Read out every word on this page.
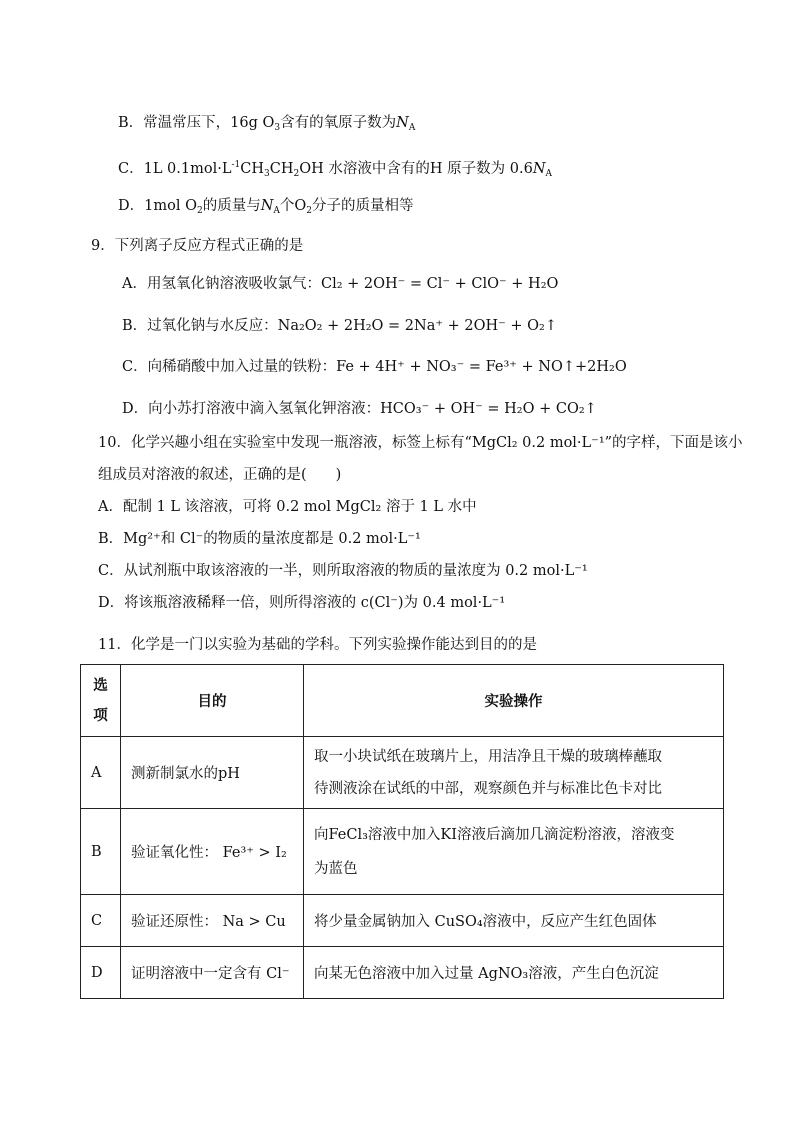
B．常温常压下，16g $O_3$含有的氧原子数为$N_A$
C．1L $0.1mol\cdot L^{-1}CH_3CH_2OH$ 水溶液中含有的H 原子数为 $0.6N_A$
D．1mol $O_2$的质量与$N_A$个$O_2$分子的质量相等
9．下列离子反应方程式正确的是
A．用氢氧化钠溶液吸收氯气：Cl₂ + 2OH⁻ = Cl⁻ + ClO⁻ + H₂O
B．过氧化钠与水反应：Na₂O₂ + 2H₂O = 2Na⁺ + 2OH⁻ + O₂↑
C．向稀硝酸中加入过量的铁粉：Fe + 4H⁺ + NO₃⁻ = Fe³⁺ + NO↑+2H₂O
D．向小苏打溶液中滴入氢氧化钾溶液：HCO₃⁻ + OH⁻ = H₂O + CO₂↑
10．化学兴趣小组在实验室中发现一瓶溶液，标签上标有“MgCl₂ 0.2 mol·L⁻¹”的字样，下面是该小
组成员对溶液的叙述，正确的是(　　)
A．配制 1 L 该溶液，可将 0.2 mol MgCl₂ 溶于 1 L 水中
B．Mg²⁺和 Cl⁻的物质的量浓度都是 0.2 mol·L⁻¹
C．从试剂瓶中取该溶液的一半，则所取溶液的物质的量浓度为 0.2 mol·L⁻¹
D．将该瓶溶液稀释一倍，则所得溶液的 c(Cl⁻)为 0.4 mol·L⁻¹
11．化学是一门以实验为基础的学科。下列实验操作能达到目的的是
选项	目的	实验操作
A	测新制氯水的pH	取一小块试纸在玻璃片上，用洁净且干燥的玻璃棒蘸取
待测液涂在试纸的中部，观察颜色并与标准比色卡对比

B	验证氧化性： Fe³⁺ > I₂	向FeCl₃溶液中加入KI溶液后滴加几滴淀粉溶液，溶液变
为蓝色

C	验证还原性： Na > Cu	将少量金属钠加入 CuSO₄溶液中，反应产生红色固体
D	证明溶液中一定含有 Cl⁻	向某无色溶液中加入过量 AgNO₃溶液，产生白色沉淀
